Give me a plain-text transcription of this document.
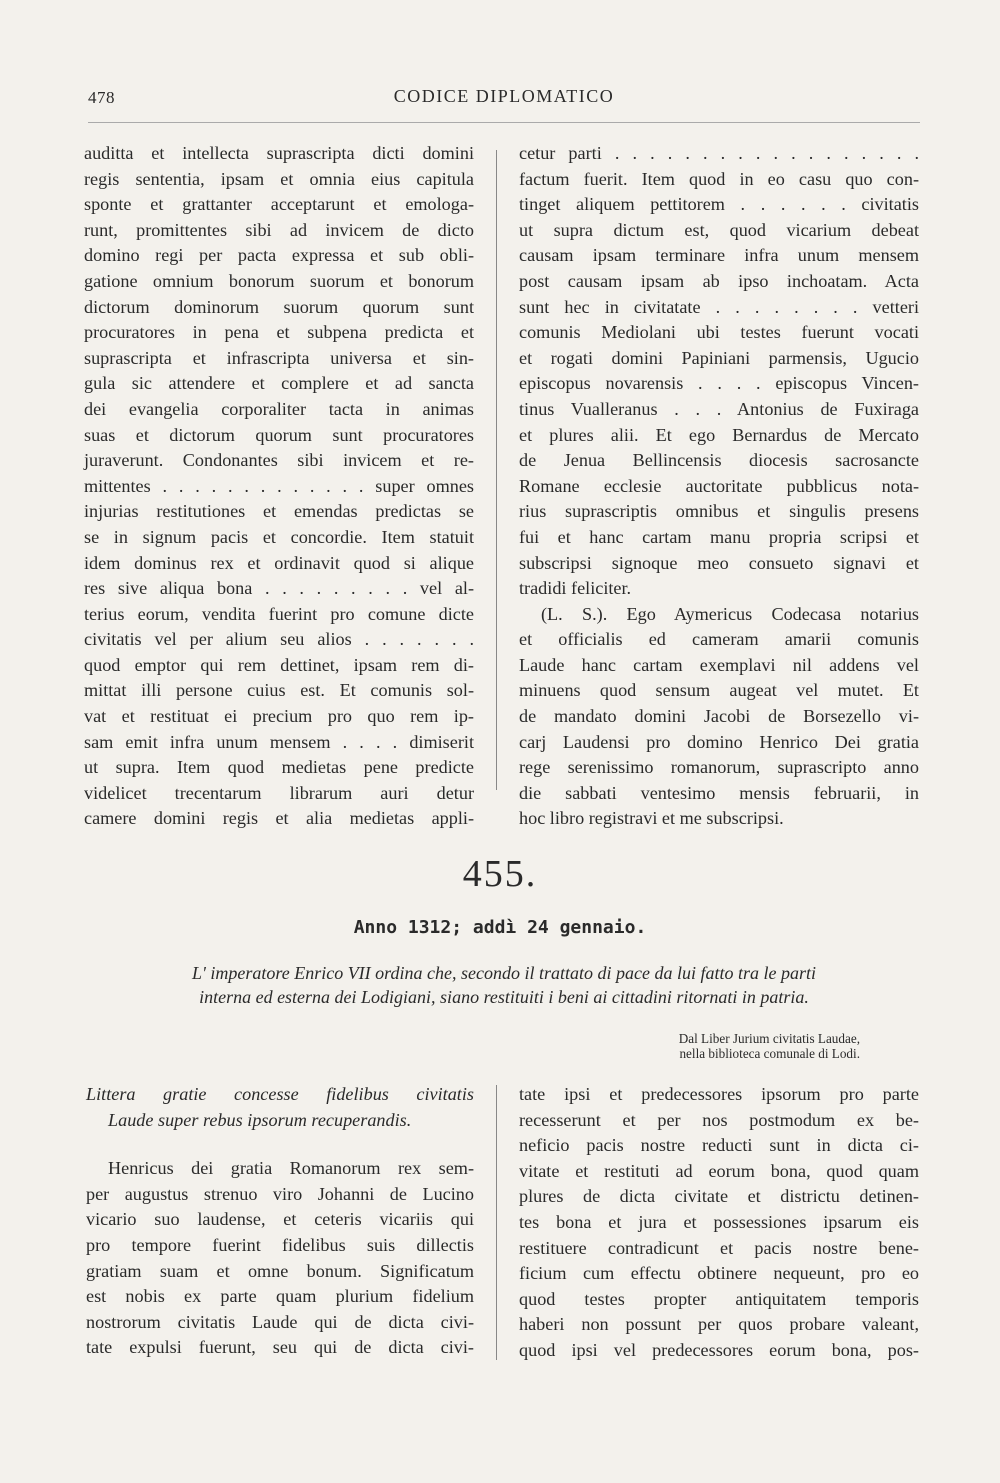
478	CODICE DIPLOMATICO
auditta et intellecta suprascripta dicti domini
regis sententia, ipsam et omnia eius capitula
sponte et grattanter acceptarunt et emologa-
runt, promittentes sibi ad invicem de dicto
domino regi per pacta expressa et sub obli-
gatione omnium bonorum suorum et bonorum
dictorum dominorum suorum quorum sunt
procuratores in pena et subpena predicta et
suprascripta et infrascripta universa et sin-
gula sic attendere et complere et ad sancta
dei evangelia corporaliter tacta in animas
suas et dictorum quorum sunt procuratores
juraverunt. Condonantes sibi invicem et re-
mittentes . . . . . . . . . . . . . super omnes
injurias restitutiones et emendas predictas se
se in signum pacis et concordie. Item statuit
idem dominus rex et ordinavit quod si alique
res sive aliqua bona . . . . . . . . . vel al-
terius eorum, vendita fuerint pro comune dicte
civitatis vel per alium seu alios . . . . . . .
quod emptor qui rem dettinet, ipsam rem di-
mittat illi persone cuius est. Et comunis sol-
vat et restituat ei precium pro quo rem ip-
sam emit infra unum mensem . . . . dimiserit
ut supra. Item quod medietas pene predicte
videlicet trecentarum librarum auri detur
camere domini regis et alia medietas appli-
cetur parti . . . . . . . . . . . . . . . . . .
factum fuerit. Item quod in eo casu quo con-
tinget aliquem pettitorem . . . . . . civitatis
ut supra dictum est, quod vicarium debeat
causam ipsam terminare infra unum mensem
post causam ipsam ab ipso inchoatam. Acta
sunt hec in civitatate . . . . . . . . vetteri
comunis Mediolani ubi testes fuerunt vocati
et rogati domini Papiniani parmensis, Ugucio
episcopus novarensis . . . . episcopus Vincen-
tinus Vualleranus . . . Antonius de Fuxiraga
et plures alii. Et ego Bernardus de Mercato
de Jenua Bellincensis diocesis sacrosancte
Romane ecclesie auctoritate pubblicus nota-
rius suprascriptis omnibus et singulis presens
fui et hanc cartam manu propria scripsi et
subscripsi signoque meo consueto signavi et
tradidi feliciter.
(L. S.). Ego Aymericus Codecasa notarius
et officialis ed cameram amarii comunis
Laude hanc cartam exemplavi nil addens vel
minuens quod sensum augeat vel mutet. Et
de mandato domini Jacobi de Borsezello vi-
carj Laudensi pro domino Henrico Dei gratia
rege serenissimo romanorum, suprascripto anno
die sabbati ventesimo mensis februarii, in
hoc libro registravi et me subscripsi.
455.
Anno 1312; addì 24 gennaio.
L' imperatore Enrico VII ordina che, secondo il trattato di pace da lui fatto tra le parti
interna ed esterna dei Lodigiani, siano restituiti i beni ai cittadini ritornati in patria.
Dal Liber Jurium civitatis Laudae,
nella biblioteca comunale di Lodi.
Littera gratie concesse fidelibus civitatis
Laude super rebus ipsorum recuperandis.
Henricus dei gratia Romanorum rex sem-
per augustus strenuo viro Johanni de Lucino
vicario suo laudense, et ceteris vicariis qui
pro tempore fuerint fidelibus suis dillectis
gratiam suam et omne bonum. Significatum
est nobis ex parte quam plurium fidelium
nostrorum civitatis Laude qui de dicta civi-
tate expulsi fuerunt, seu qui de dicta civi-
tate ipsi et predecessores ipsorum pro parte
recesserunt et per nos postmodum ex be-
neficio pacis nostre reducti sunt in dicta ci-
vitate et restituti ad eorum bona, quod quam
plures de dicta civitate et districtu detinen-
tes bona et jura et possessiones ipsarum eis
restituere contradicunt et pacis nostre bene-
ficium cum effectu obtinere nequeunt, pro eo
quod testes propter antiquitatem temporis
haberi non possunt per quos probare valeant,
quod ipsi vel predecessores eorum bona, pos-
